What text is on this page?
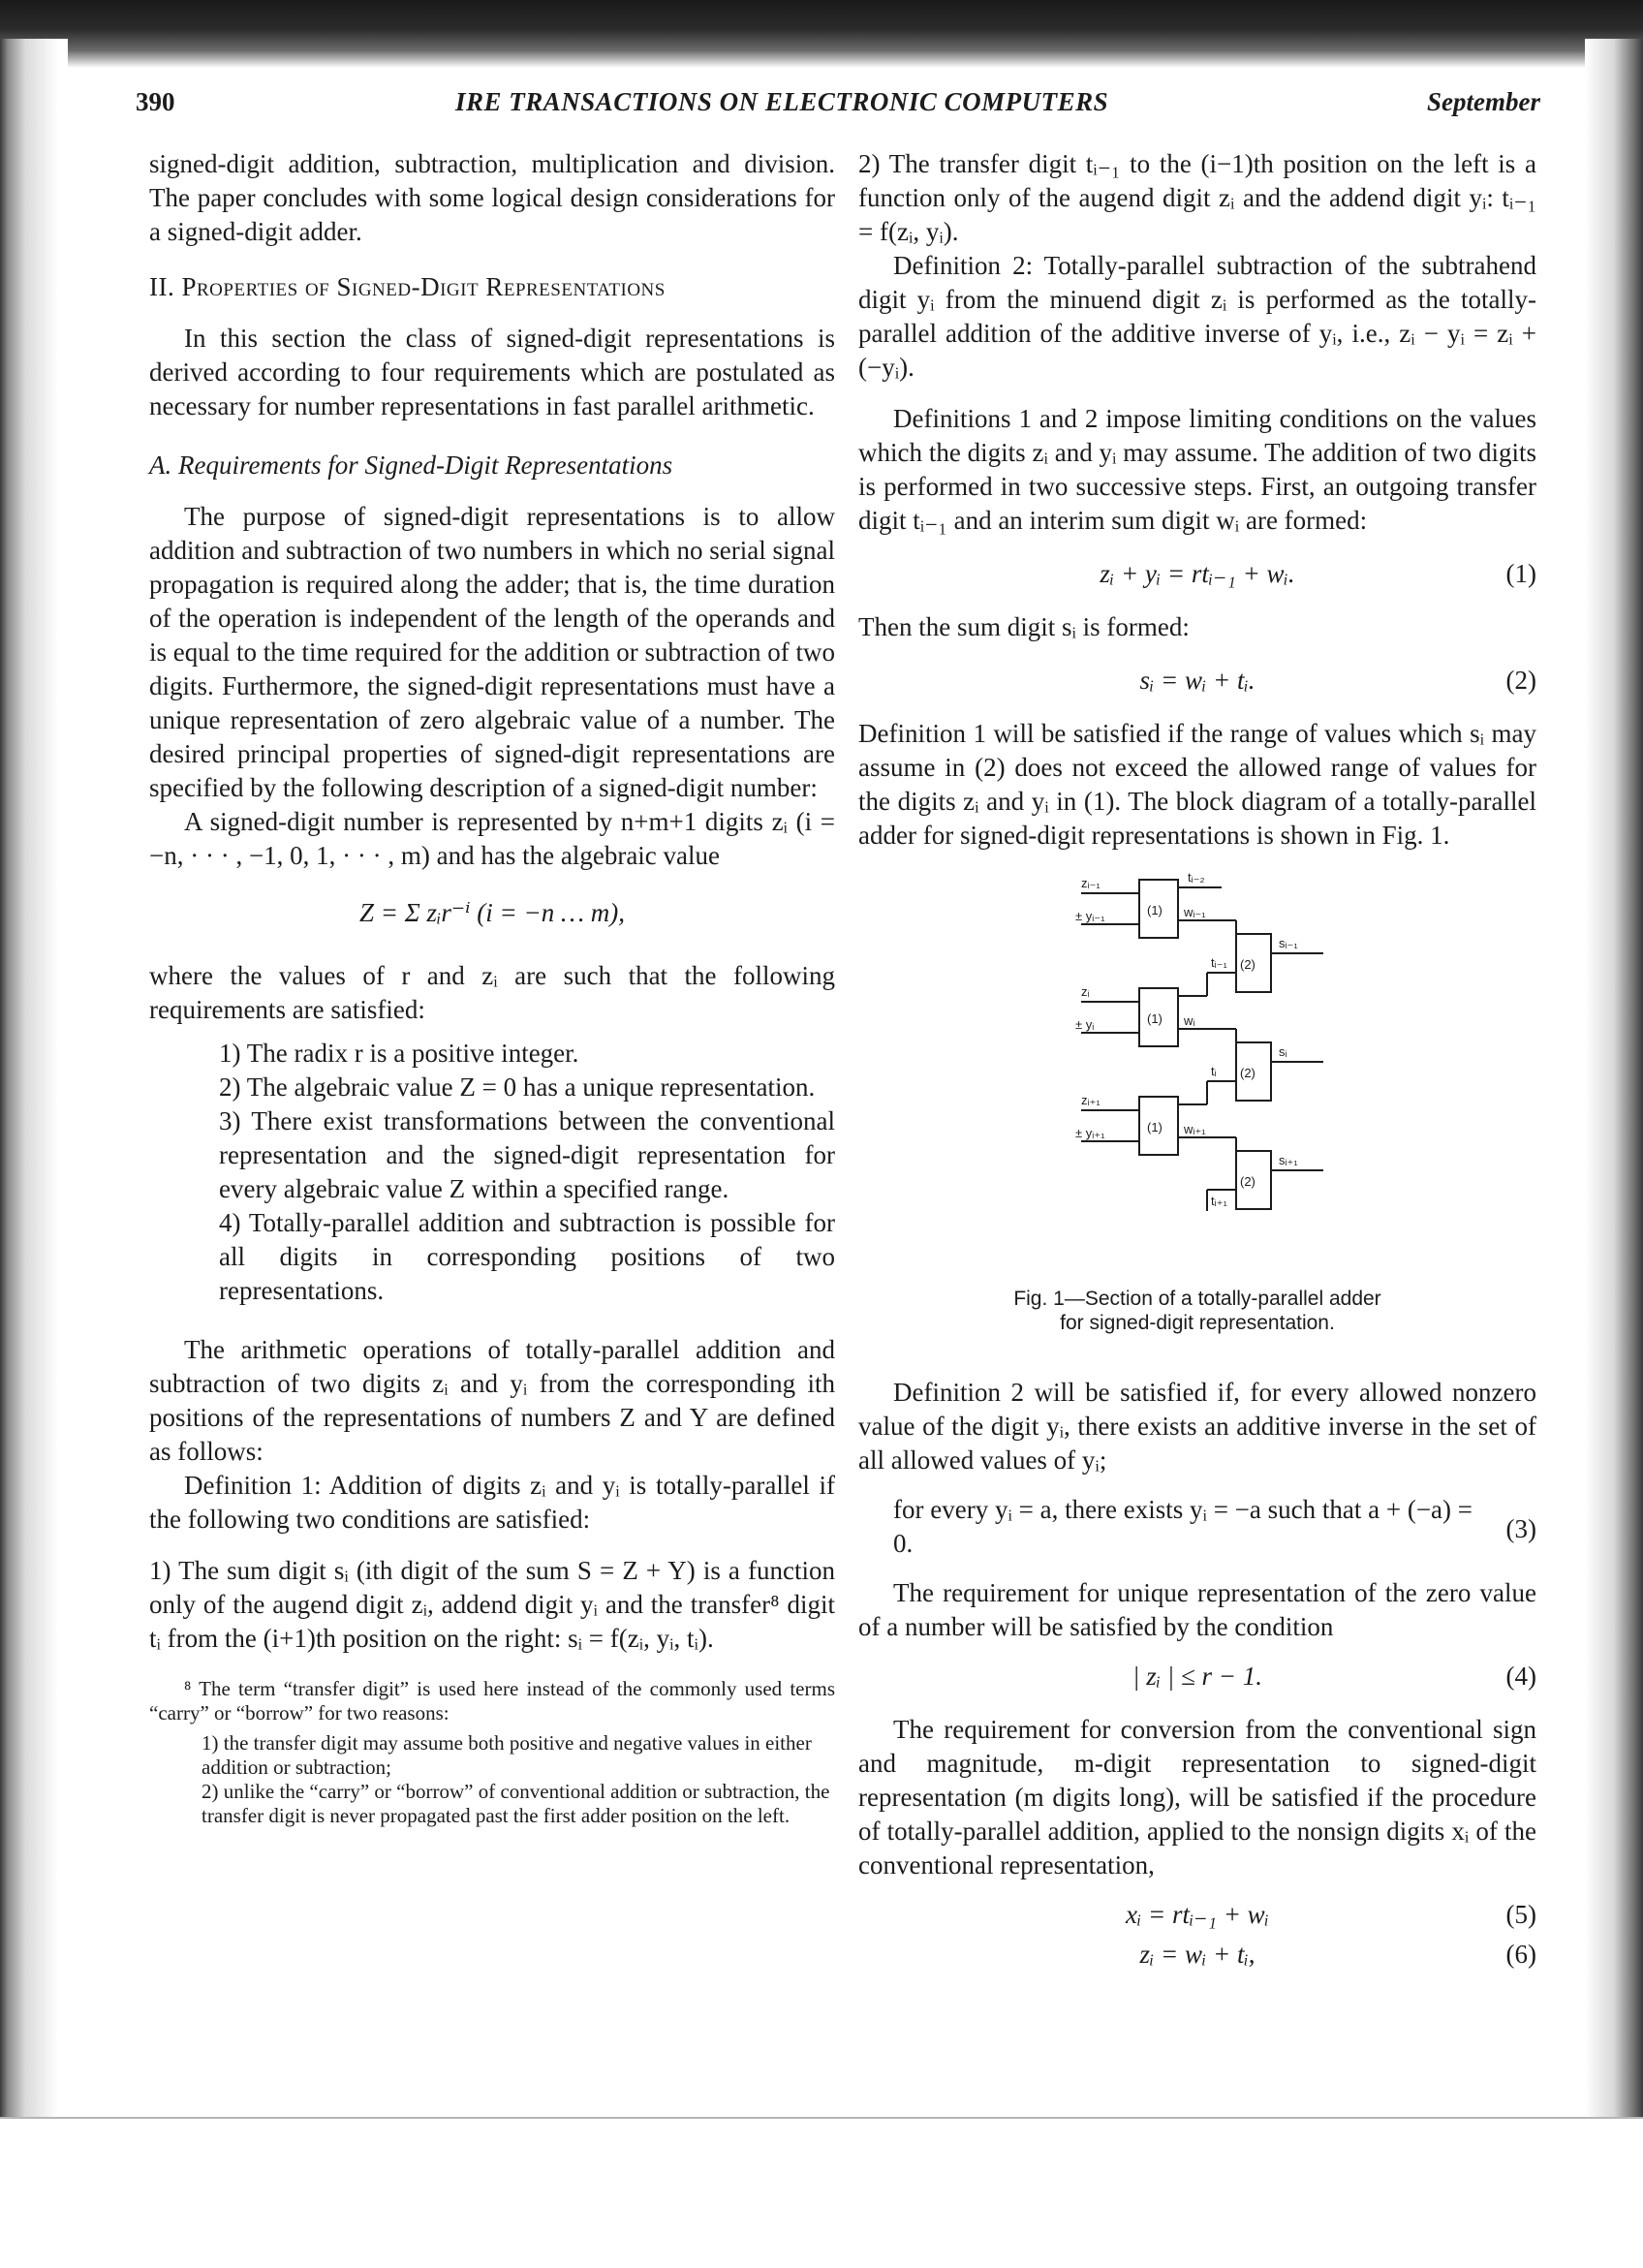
390	IRE TRANSACTIONS ON ELECTRONIC COMPUTERS	September

signed-digit addition, subtraction, multiplication and division. The paper concludes with some logical design considerations for a signed-digit adder.

II. Properties of Signed-Digit Representations

In this section the class of signed-digit representations is derived according to four requirements which are postulated as necessary for number representations in fast parallel arithmetic.

A. Requirements for Signed-Digit Representations

The purpose of signed-digit representations is to allow addition and subtraction of two numbers in which no serial signal propagation is required along the adder; that is, the time duration of the operation is independent of the length of the operands and is equal to the time required for the addition or subtraction of two digits. Furthermore, the signed-digit representations must have a unique representation of zero algebraic value of a number. The desired principal properties of signed-digit representations are specified by the following description of a signed-digit number:

A signed-digit number is represented by n+m+1 digits zᵢ (i = −n, · · · , −1, 0, 1, · · · , m) and has the algebraic value

Z = Σ zᵢr⁻ⁱ (i = −n … m),

where the values of r and zᵢ are such that the following requirements are satisfied:

1) The radix r is a positive integer.
2) The algebraic value Z = 0 has a unique representation.
3) There exist transformations between the conventional representation and the signed-digit representation for every algebraic value Z within a specified range.
4) Totally-parallel addition and subtraction is possible for all digits in corresponding positions of two representations.

The arithmetic operations of totally-parallel addition and subtraction of two digits zᵢ and yᵢ from the corresponding ith positions of the representations of numbers Z and Y are defined as follows:

Definition 1: Addition of digits zᵢ and yᵢ is totally-parallel if the following two conditions are satisfied:

1) The sum digit sᵢ (ith digit of the sum S = Z + Y) is a function only of the augend digit zᵢ, addend digit yᵢ and the transfer⁸ digit tᵢ from the (i+1)th position on the right: sᵢ = f(zᵢ, yᵢ, tᵢ).

⁸ The term “transfer digit” is used here instead of the commonly used terms “carry” or “borrow” for two reasons:

1) the transfer digit may assume both positive and negative values in either addition or subtraction;
2) unlike the “carry” or “borrow” of conventional addition or subtraction, the transfer digit is never propagated past the first adder position on the left.

2) The transfer digit tᵢ₋₁ to the (i−1)th position on the left is a function only of the augend digit zᵢ and the addend digit yᵢ: tᵢ₋₁ = f(zᵢ, yᵢ).

Definition 2: Totally-parallel subtraction of the subtrahend digit yᵢ from the minuend digit zᵢ is performed as the totally-parallel addition of the additive inverse of yᵢ, i.e., zᵢ − yᵢ = zᵢ + (−yᵢ).

Definitions 1 and 2 impose limiting conditions on the values which the digits zᵢ and yᵢ may assume. The addition of two digits is performed in two successive steps. First, an outgoing transfer digit tᵢ₋₁ and an interim sum digit wᵢ are formed:

zᵢ + yᵢ = rtᵢ₋₁ + wᵢ.	(1)

Then the sum digit sᵢ is formed:

sᵢ = wᵢ + tᵢ.	(2)

Definition 1 will be satisfied if the range of values which sᵢ may assume in (2) does not exceed the allowed range of values for the digits zᵢ and yᵢ in (1). The block diagram of a totally-parallel adder for signed-digit representations is shown in Fig. 1.

zᵢ₋₁
± yᵢ₋₁
zᵢ
± yᵢ
zᵢ₊₁
± yᵢ₊₁
(1)
(1)
(1)
(2)
(2)
(2)
tᵢ₋₂
tᵢ₋₁
tᵢ
tᵢ₊₁
wᵢ₋₁
wᵢ
wᵢ₊₁
sᵢ₋₁
sᵢ
sᵢ₊₁
Fig. 1—Section of a totally-parallel adder
for signed-digit representation.

Definition 2 will be satisfied if, for every allowed nonzero value of the digit yᵢ, there exists an additive inverse in the set of all allowed values of yᵢ;

for every yᵢ = a, there exists yᵢ = −a such that a + (−a) = 0.	(3)

The requirement for unique representation of the zero value of a number will be satisfied by the condition

| zᵢ | ≤ r − 1.	(4)

The requirement for conversion from the conventional sign and magnitude, m-digit representation to signed-digit representation (m digits long), will be satisfied if the procedure of totally-parallel addition, applied to the nonsign digits xᵢ of the conventional representation,

xᵢ = rtᵢ₋₁ + wᵢ	(5)
zᵢ = wᵢ + tᵢ,	(6)
